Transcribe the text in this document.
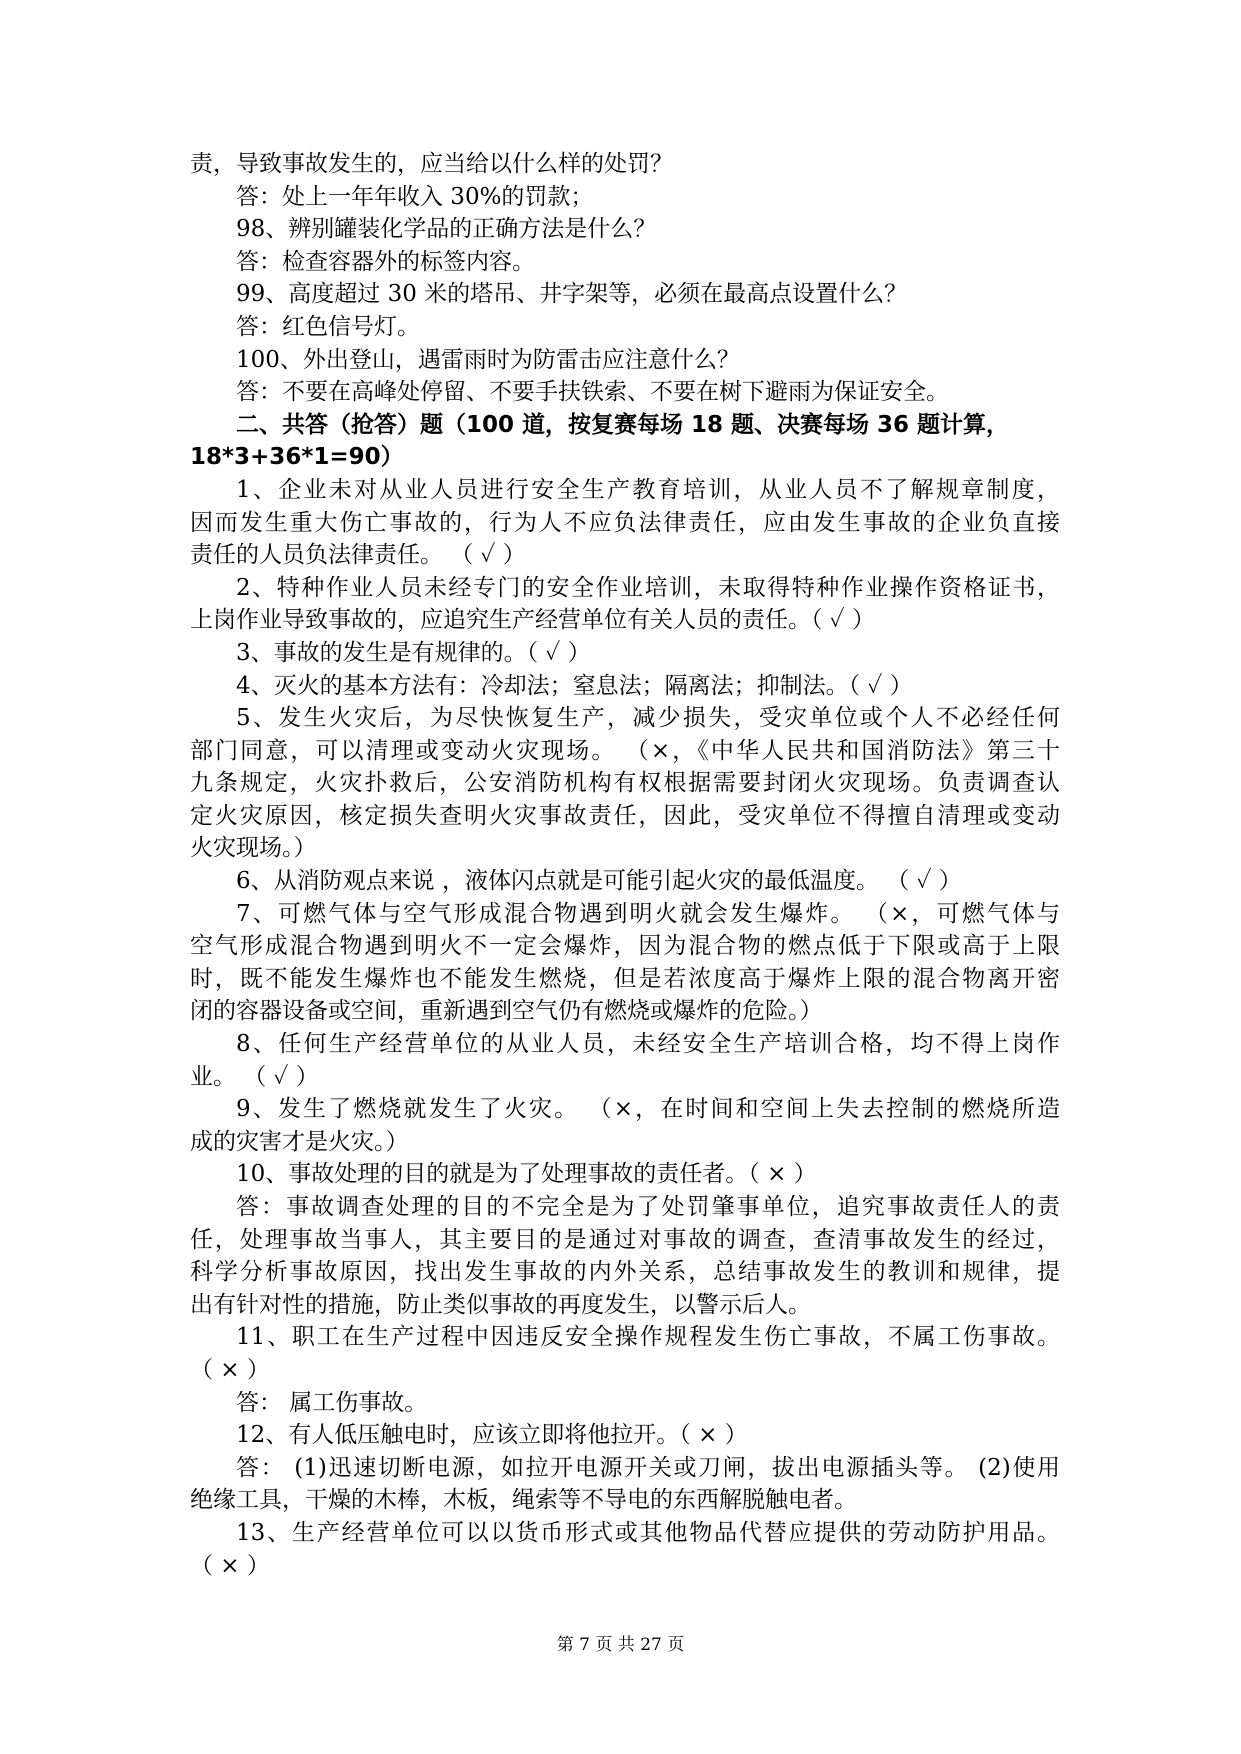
责，导致事故发生的，应当给以什么样的处罚？
答：处上一年年收入 30%的罚款；
98、辨别罐装化学品的正确方法是什么？
答：检查容器外的标签内容。
99、高度超过 30 米的塔吊、井字架等，必须在最高点设置什么？
答：红色信号灯。
100、外出登山，遇雷雨时为防雷击应注意什么？
答：不要在高峰处停留、不要手扶铁索、不要在树下避雨为保证安全。
二、共答（抢答）题（100 道，按复赛每场 18 题、决赛每场 36 题计算，
18*3+36*1=90）
1、企业未对从业人员进行安全生产教育培训，从业人员不了解规章制度，
因而发生重大伤亡事故的，行为人不应负法律责任，应由发生事故的企业负直接
责任的人员负法律责任。 （ ✓ ）
2、特种作业人员未经专门的安全作业培训，未取得特种作业操作资格证书，
上岗作业导致事故的，应追究生产经营单位有关人员的责任。（ ✓ ）
3、事故的发生是有规律的。（ ✓ ）
4、灭火的基本方法有：冷却法；窒息法；隔离法；抑制法。（ ✓ ）
5、发生火灾后，为尽快恢复生产，减少损失，受灾单位或个人不必经任何
部门同意，可以清理或变动火灾现场。 （×，《中华人民共和国消防法》第三十
九条规定，火灾扑救后，公安消防机构有权根据需要封闭火灾现场。负责调查认
定火灾原因，核定损失查明火灾事故责任，因此，受灾单位不得擅自清理或变动
火灾现场。）
6、从消防观点来说 ，液体闪点就是可能引起火灾的最低温度。 （ ✓ ）
7、可燃气体与空气形成混合物遇到明火就会发生爆炸。 （×，可燃气体与
空气形成混合物遇到明火不一定会爆炸，因为混合物的燃点低于下限或高于上限
时，既不能发生爆炸也不能发生燃烧，但是若浓度高于爆炸上限的混合物离开密
闭的容器设备或空间，重新遇到空气仍有燃烧或爆炸的危险。）
8、任何生产经营单位的从业人员，未经安全生产培训合格，均不得上岗作
业。 （ ✓ ）
9、发生了燃烧就发生了火灾。 （×，在时间和空间上失去控制的燃烧所造
成的灾害才是火灾。）
10、事故处理的目的就是为了处理事故的责任者。（ × ）
答：事故调查处理的目的不完全是为了处罚肇事单位，追究事故责任人的责
任，处理事故当事人，其主要目的是通过对事故的调查，查清事故发生的经过，
科学分析事故原因，找出发生事故的内外关系，总结事故发生的教训和规律，提
出有针对性的措施，防止类似事故的再度发生，以警示后人。
11、职工在生产过程中因违反安全操作规程发生伤亡事故，不属工伤事故。
（ × ）
答： 属工伤事故。
12、有人低压触电时，应该立即将他拉开。（ × ）
答： (1)迅速切断电源，如拉开电源开关或刀闸，拔出电源插头等。 (2)使用
绝缘工具，干燥的木棒，木板，绳索等不导电的东西解脱触电者。
13、生产经营单位可以以货币形式或其他物品代替应提供的劳动防护用品。
（ × ）
第 7 页 共 27 页
